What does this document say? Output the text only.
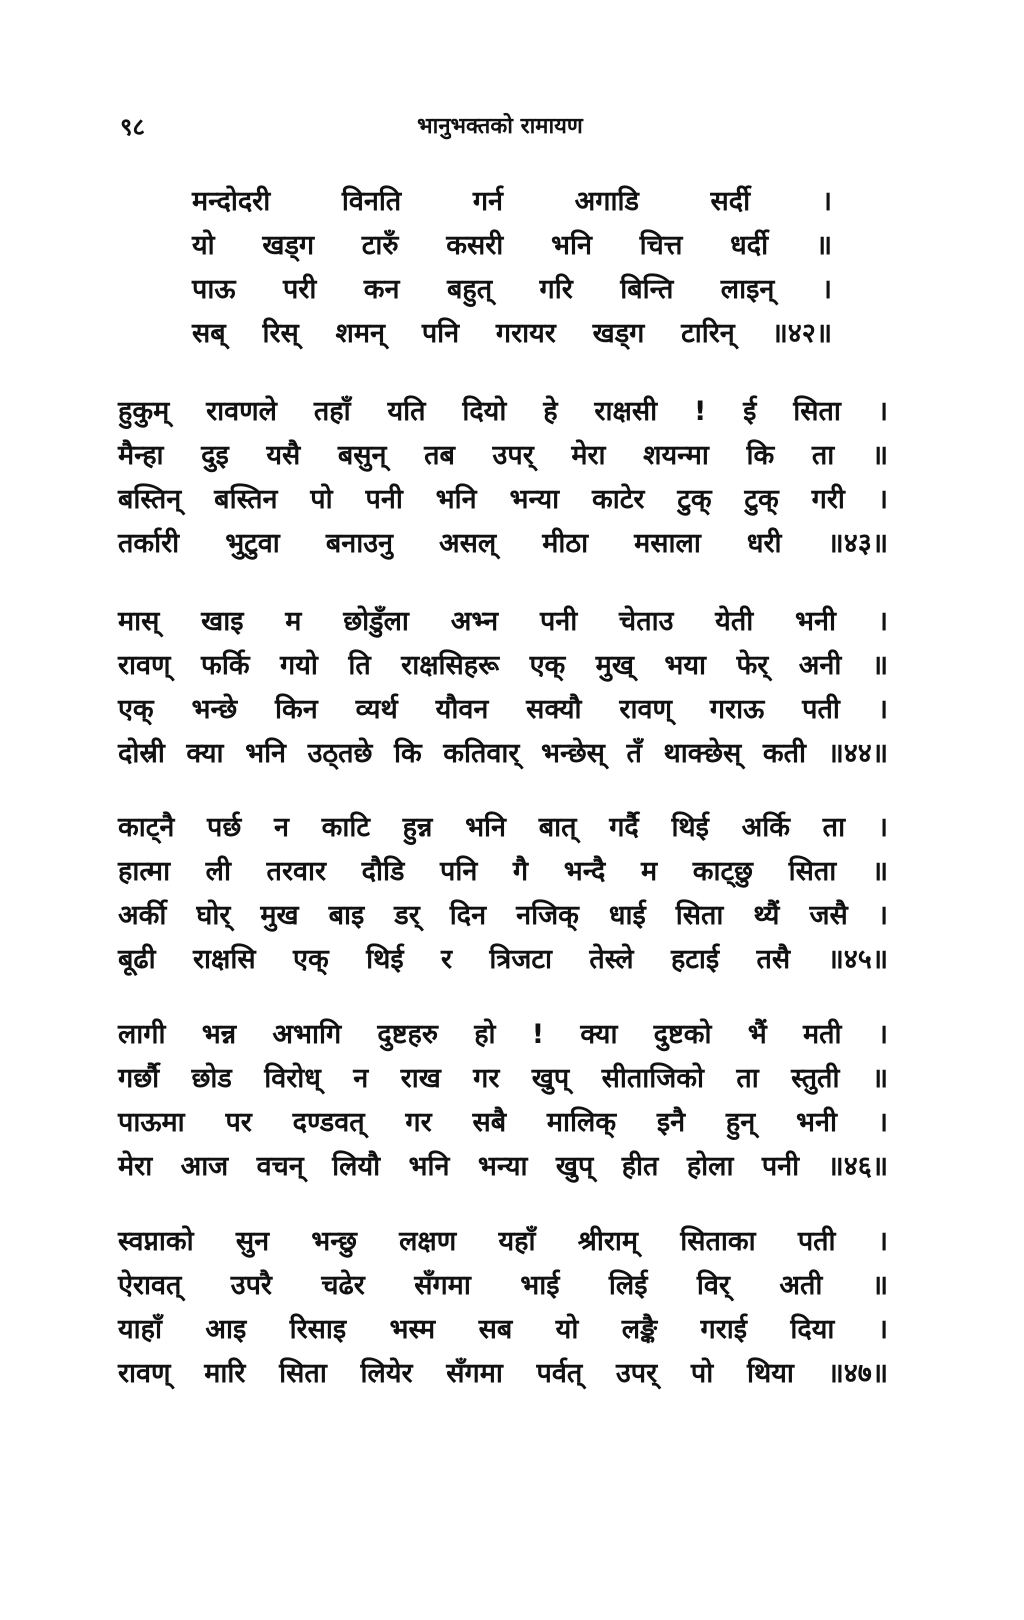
९८	भानुभक्तको रामायण
मन्दोदरी विनति गर्न अगाडि सर्दी ।
यो खड्ग टारुँ कसरी भनि चित्त धर्दी ॥
पाऊ परी कन बहुत् गरि बिन्ति लाइन् ।
सब् रिस् शमन् पनि गरायर खड्ग टारिन् ॥४२॥
हुकुम् रावणले तहाँ यति दियो हे राक्षसी ! ई सिता ।
मैन्हा दुइ यसै बसुन् तब उपर् मेरा शयन्मा कि ता ॥
बस्तिन् बस्तिन पो पनी भनि भन्या काटेर टुक् टुक् गरी ।
तर्कारी भुटुवा बनाउनु असल् मीठा मसाला धरी ॥४३॥
मास् खाइ म छोडुँला अभ्न पनी चेताउ येती भनी ।
रावण् फर्कि गयो ति राक्षसिहरू एक् मुख् भया फेर् अनी ॥
एक् भन्छे किन व्यर्थ यौवन सक्यौ रावण् गराऊ पती ।
दोस्री क्या भनि उठ्तछे कि कतिवार् भन्छेस् तँ थाक्छेस् कती ॥४४॥
काट्नै पर्छ न काटि हुन्न भनि बात् गर्दै थिई अर्कि ता ।
हात्मा ली तरवार दौडि पनि गै भन्दै म काट्छु सिता ॥
अर्की घोर् मुख बाइ डर् दिन नजिक् धाई सिता थ्यैं जसै ।
बूढी राक्षसि एक् थिई र त्रिजटा तेस्ले हटाई तसै ॥४५॥
लागी भन्न अभागि दुष्टहरु हो ! क्या दुष्टको भैं मती ।
गर्छौ छोड विरोध् न राख गर खुप् सीताजिको ता स्तुती ॥
पाऊमा पर दण्डवत् गर सबै मालिक् इनै हुन् भनी ।
मेरा आज वचन् लियौ भनि भन्या खुप् हीत होला पनी ॥४६॥
स्वप्नाको सुन भन्छु लक्षण यहाँ श्रीराम् सिताका पती ।
ऐरावत् उपरै चढेर सँगमा भाई लिई विर् अती ॥
याहाँ आइ रिसाइ भस्म सब यो लङ्कै गराई दिया ।
रावण् मारि सिता लियेर सँगमा पर्वत् उपर् पो थिया ॥४७॥
